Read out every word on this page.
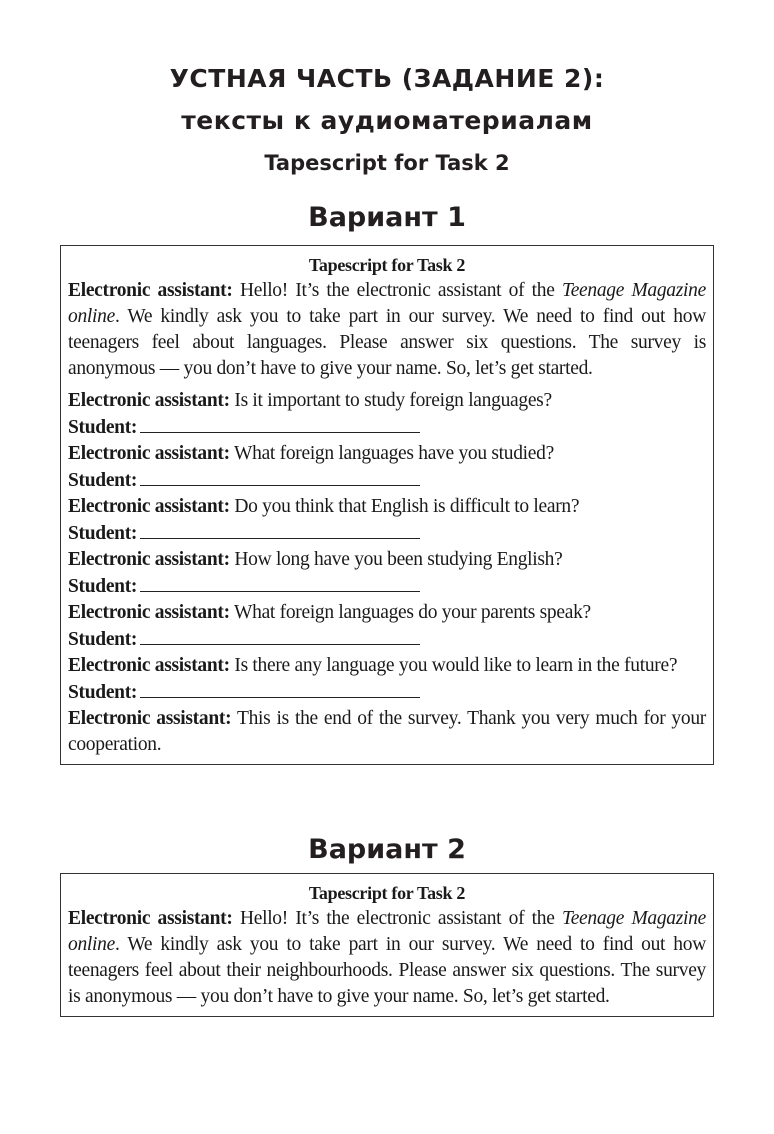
УСТНАЯ ЧАСТЬ (ЗАДАНИЕ 2):
тексты к аудиоматериалам
Tapescript for Task 2
Вариант 1
Tapescript for Task 2

Electronic assistant: Hello! It’s the electronic assistant of the Teenage Magazine online. We kindly ask you to take part in our survey. We need to find out how teenagers feel about languages. Please answer six questions. The survey is anonymous — you don’t have to give your name. So, let’s get started.

Electronic assistant: Is it important to study foreign languages?

Student:

Electronic assistant: What foreign languages have you studied?

Student:

Electronic assistant: Do you think that English is difficult to learn?

Student:

Electronic assistant: How long have you been studying English?

Student:

Electronic assistant: What foreign languages do your parents speak?

Student:

Electronic assistant: Is there any language you would like to learn in the future?

Student:

Electronic assistant: This is the end of the survey. Thank you very much for your cooperation.

Вариант 2
Tapescript for Task 2

Electronic assistant: Hello! It’s the electronic assistant of the Teenage Magazine online. We kindly ask you to take part in our survey. We need to find out how teenagers feel about their neighbourhoods. Please answer six questions. The survey is anonymous — you don’t have to give your name. So, let’s get started.
